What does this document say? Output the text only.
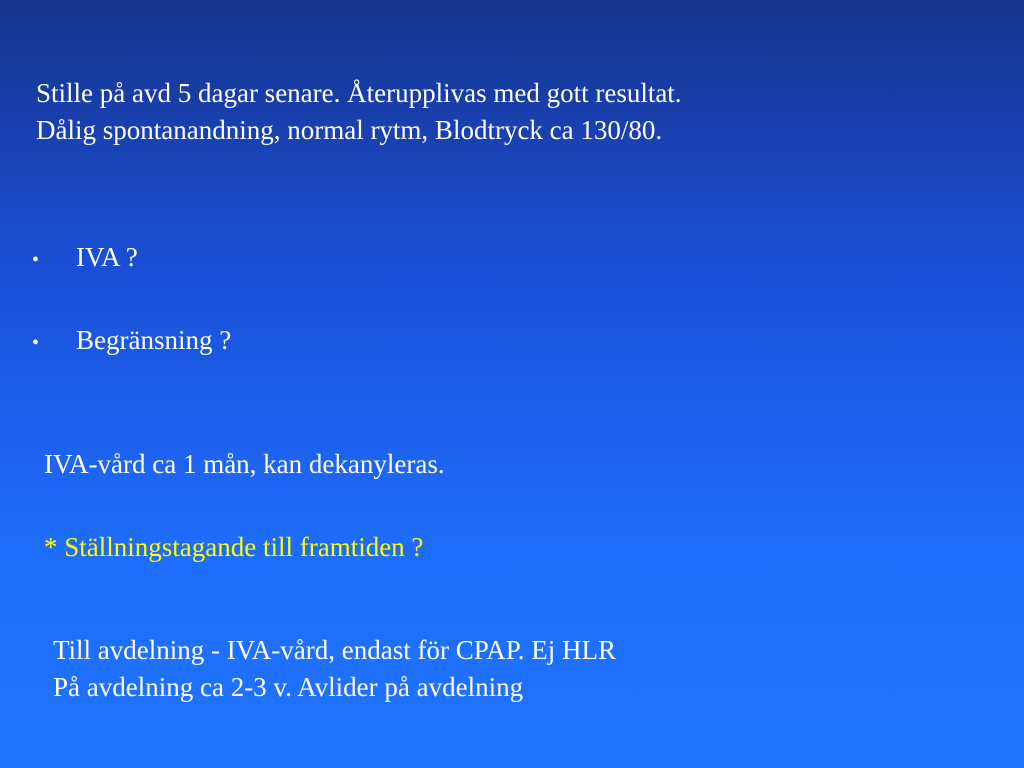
Stille på avd 5 dagar senare. Återupplivas med gott resultat.
Dålig spontanandning, normal rytm, Blodtryck ca 130/80.
•	IVA ?
•	Begränsning ?
IVA-vård ca 1 mån, kan dekanyleras.
* Ställningstagande till framtiden ?
Till avdelning - IVA-vård, endast för CPAP. Ej HLR
På avdelning ca 2-3 v. Avlider på avdelning
